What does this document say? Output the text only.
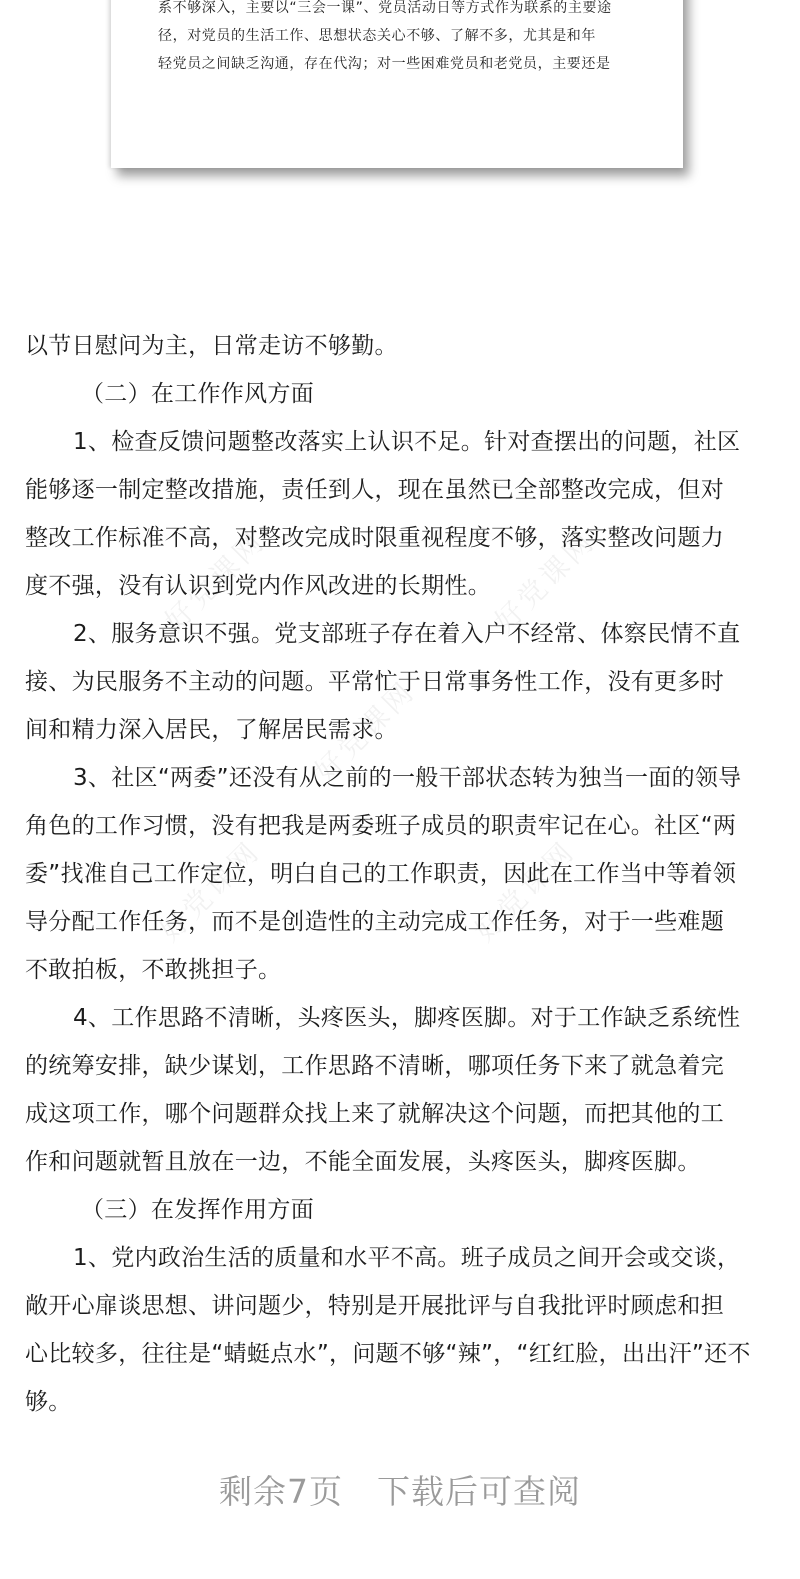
系不够深入，主要以“三会一课”、党员活动日等方式作为联系的主要途
径，对党员的生活工作、思想状态关心不够、了解不多，尤其是和年
轻党员之间缺乏沟通，存在代沟；对一些困难党员和老党员，主要还是
好党课网	好党课网
好党课网
好党课网	好党课网
以节日慰问为主，日常走访不够勤。
（二）在工作作风方面
1、检查反馈问题整改落实上认识不足。针对查摆出的问题，社区
能够逐一制定整改措施，责任到人，现在虽然已全部整改完成，但对
整改工作标准不高，对整改完成时限重视程度不够，落实整改问题力
度不强，没有认识到党内作风改进的长期性。
2、服务意识不强。党支部班子存在着入户不经常、体察民情不直
接、为民服务不主动的问题。平常忙于日常事务性工作，没有更多时
间和精力深入居民，了解居民需求。
3、社区“两委”还没有从之前的一般干部状态转为独当一面的领导
角色的工作习惯，没有把我是两委班子成员的职责牢记在心。社区“两
委”找准自己工作定位，明白自己的工作职责，因此在工作当中等着领
导分配工作任务，而不是创造性的主动完成工作任务，对于一些难题
不敢拍板，不敢挑担子。
4、工作思路不清晰，头疼医头，脚疼医脚。对于工作缺乏系统性
的统筹安排，缺少谋划，工作思路不清晰，哪项任务下来了就急着完
成这项工作，哪个问题群众找上来了就解决这个问题，而把其他的工
作和问题就暂且放在一边，不能全面发展，头疼医头，脚疼医脚。
（三）在发挥作用方面
1、党内政治生活的质量和水平不高。班子成员之间开会或交谈，
敞开心扉谈思想、讲问题少，特别是开展批评与自我批评时顾虑和担
心比较多，往往是“蜻蜓点水”，问题不够“辣”，“红红脸，出出汗”还不
够。
剩余7页 下载后可查阅
